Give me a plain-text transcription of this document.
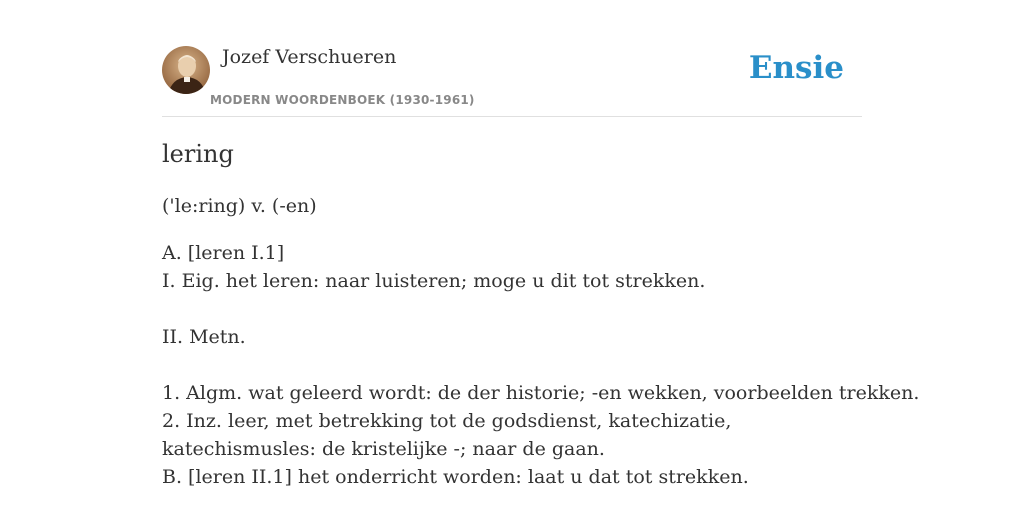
Jozef Verschueren
MODERN WOORDENBOEK (1930-1961)
Ensie
lering
('le:ring) v. (-en)
A. [leren I.1]
I. Eig. het leren: naar luisteren; moge u dit tot strekken.
II. Metn.
1. Algm. wat geleerd wordt: de der historie; -en wekken, voorbeelden trekken.
2. Inz. leer, met betrekking tot de godsdienst, katechizatie, katechismusles: de kristelijke -; naar de gaan.
B. [leren II.1] het onderricht worden: laat u dat tot strekken.
